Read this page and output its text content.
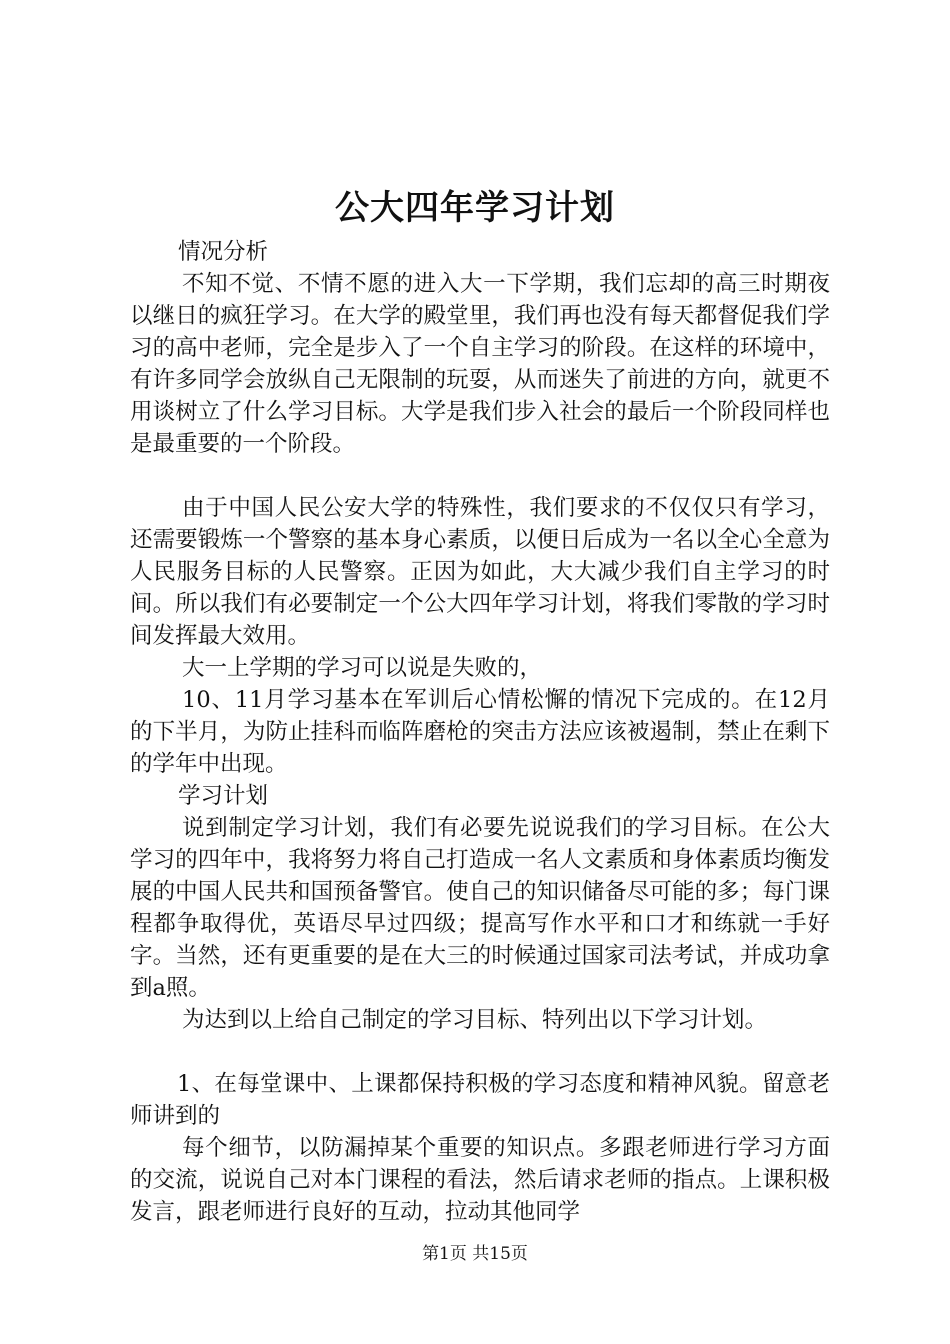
公大四年学习计划

情况分析

不知不觉、不情不愿的进入大一下学期，我们忘却的高三时期夜以继日的疯狂学习。在大学的殿堂里，我们再也没有每天都督促我们学习的高中老师，完全是步入了一个自主学习的阶段。在这样的环境中，有许多同学会放纵自己无限制的玩耍，从而迷失了前进的方向，就更不用谈树立了什么学习目标。大学是我们步入社会的最后一个阶段同样也是最重要的一个阶段。

由于中国人民公安大学的特殊性，我们要求的不仅仅只有学习，还需要锻炼一个警察的基本身心素质，以便日后成为一名以全心全意为人民服务目标的人民警察。正因为如此，大大减少我们自主学习的时间。所以我们有必要制定一个公大四年学习计划，将我们零散的学习时间发挥最大效用。

大一上学期的学习可以说是失败的，

10、11月学习基本在军训后心情松懈的情况下完成的。在12月的下半月，为防止挂科而临阵磨枪的突击方法应该被遏制，禁止在剩下的学年中出现。

学习计划

说到制定学习计划，我们有必要先说说我们的学习目标。在公大学习的四年中，我将努力将自己打造成一名人文素质和身体素质均衡发展的中国人民共和国预备警官。使自己的知识储备尽可能的多；每门课程都争取得优，英语尽早过四级；提高写作水平和口才和练就一手好字。当然，还有更重要的是在大三的时候通过国家司法考试，并成功拿到a照。

为达到以上给自己制定的学习目标、特列出以下学习计划。

1、在每堂课中、上课都保持积极的学习态度和精神风貌。留意老师讲到的

每个细节，以防漏掉某个重要的知识点。多跟老师进行学习方面的交流，说说自己对本门课程的看法，然后请求老师的指点。上课积极发言，跟老师进行良好的互动，拉动其他同学

第1页 共15页
